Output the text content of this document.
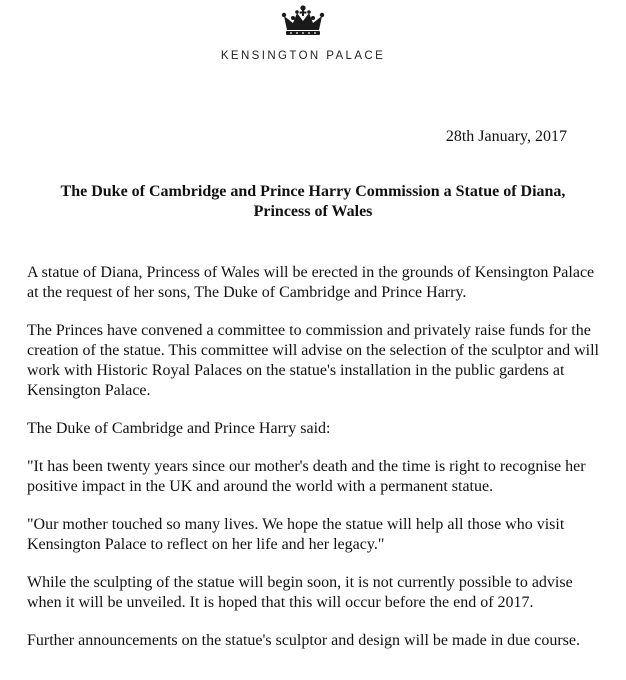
KENSINGTON PALACE
28th January, 2017
The Duke of Cambridge and Prince Harry Commission a Statue of Diana,
Princess of Wales

A statue of Diana, Princess of Wales will be erected in the grounds of Kensington Palace at the request of her sons, The Duke of Cambridge and Prince Harry.

The Princes have convened a committee to commission and privately raise funds for the creation of the statue. This committee will advise on the selection of the sculptor and will work with Historic Royal Palaces on the statue's installation in the public gardens at Kensington Palace.

The Duke of Cambridge and Prince Harry said:

"It has been twenty years since our mother's death and the time is right to recognise her positive impact in the UK and around the world with a permanent statue.

"Our mother touched so many lives. We hope the statue will help all those who visit Kensington Palace to reflect on her life and her legacy."

While the sculpting of the statue will begin soon, it is not currently possible to advise when it will be unveiled. It is hoped that this will occur before the end of 2017.

Further announcements on the statue's sculptor and design will be made in due course.
